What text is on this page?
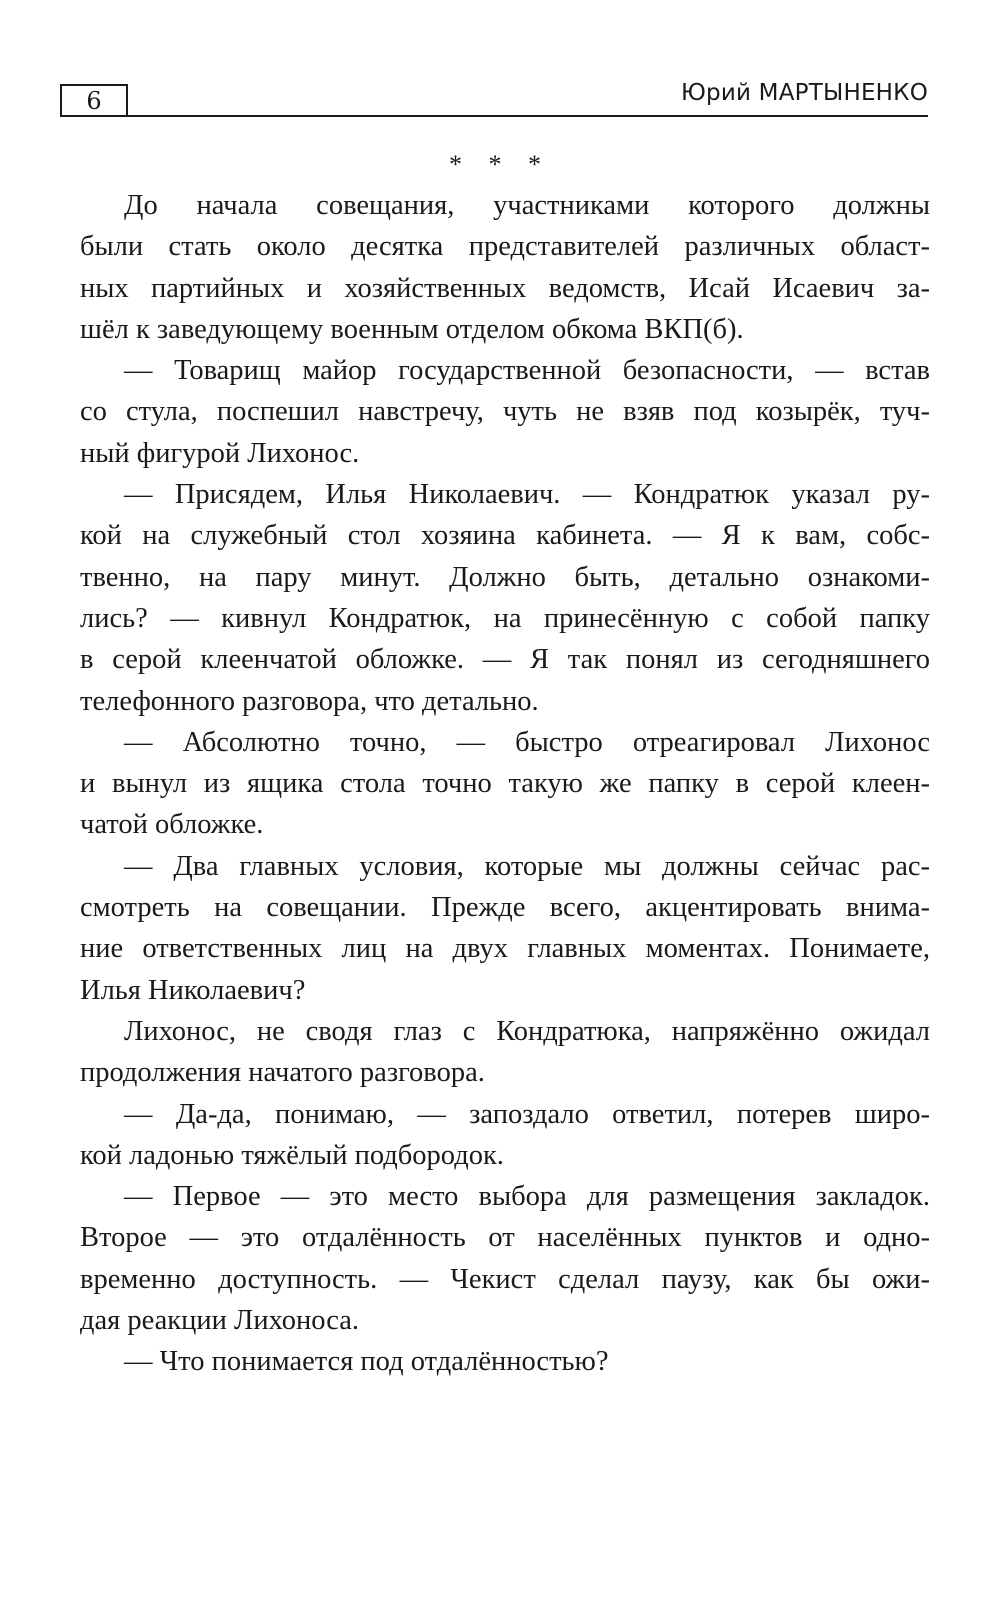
6	Юрий МАРТЫНЕНКО
* * *
До начала совещания, участниками которого должны
были стать около десятка представителей различных област-
ных партийных и хозяйственных ведомств, Исай Исаевич за-
шёл к заведующему военным отделом обкома ВКП(б).
— Товарищ майор государственной безопасности, — встав
со стула, поспешил навстречу, чуть не взяв под козырёк, туч-
ный фигурой Лихонос.
— Присядем, Илья Николаевич. — Кондратюк указал ру-
кой на служебный стол хозяина кабинета. — Я к вам, собс-
твенно, на пару минут. Должно быть, детально ознакоми-
лись? — кивнул Кондратюк, на принесённую с собой папку
в серой клеенчатой обложке. — Я так понял из сегодняшнего
телефонного разговора, что детально.
— Абсолютно точно, — быстро отреагировал Лихонос
и вынул из ящика стола точно такую же папку в серой клеен-
чатой обложке.
— Два главных условия, которые мы должны сейчас рас-
смотреть на совещании. Прежде всего, акцентировать внима-
ние ответственных лиц на двух главных моментах. Понимаете,
Илья Николаевич?
Лихонос, не сводя глаз с Кондратюка, напряжённо ожидал
продолжения начатого разговора.
— Да-да, понимаю, — запоздало ответил, потерев широ-
кой ладонью тяжёлый подбородок.
— Первое — это место выбора для размещения закладок.
Второе — это отдалённость от населённых пунктов и одно-
временно доступность. — Чекист сделал паузу, как бы ожи-
дая реакции Лихоноса.
— Что понимается под отдалённостью?
